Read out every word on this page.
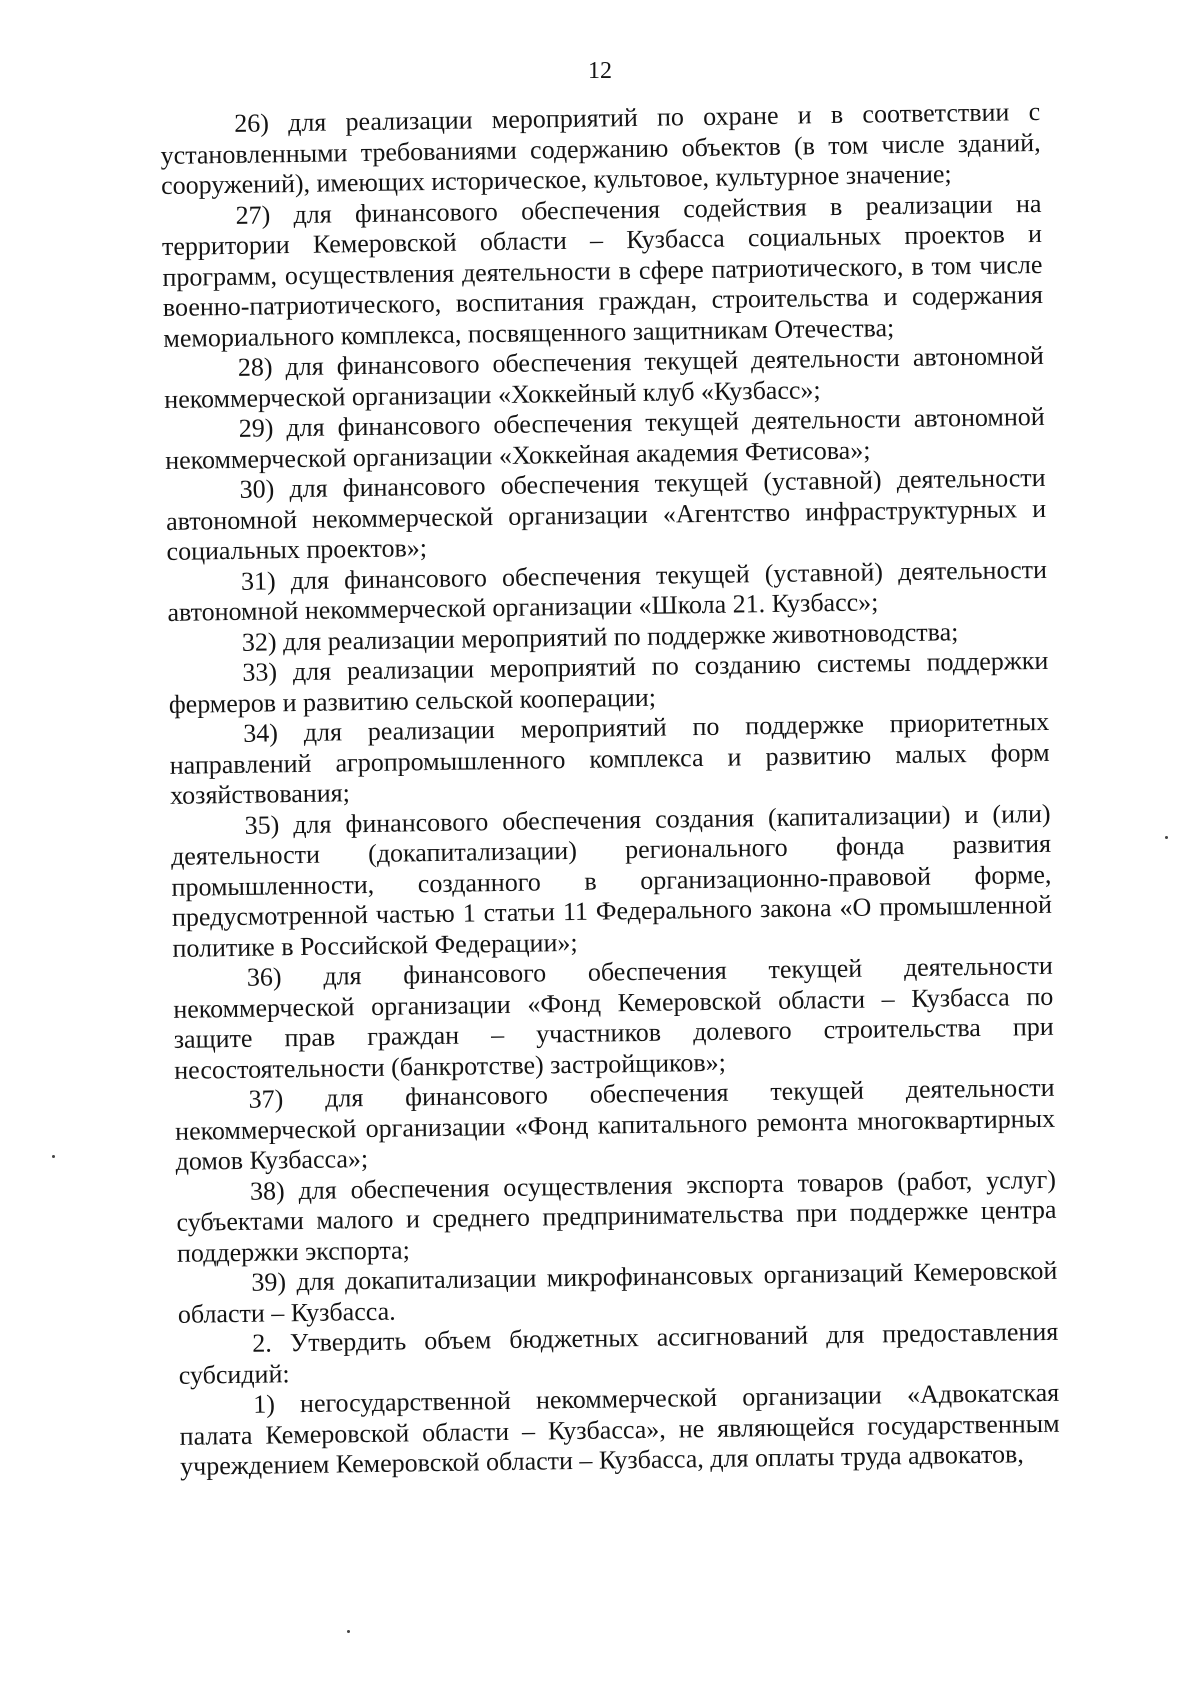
12

26) для реализации мероприятий по охране и в соответствии с установленными требованиями содержанию объектов (в том числе зданий, сооружений), имеющих историческое, культовое, культурное значение;

27) для финансового обеспечения содействия в реализации на территории Кемеровской области – Кузбасса социальных проектов и программ, осуществления деятельности в сфере патриотического, в том числе военно-патриотического, воспитания граждан, строительства и содержания мемориального комплекса, посвященного защитникам Отечества;

28) для финансового обеспечения текущей деятельности автономной некоммерческой организации «Хоккейный клуб «Кузбасс»;

29) для финансового обеспечения текущей деятельности автономной некоммерческой организации «Хоккейная академия Фетисова»;

30) для финансового обеспечения текущей (уставной) деятельности автономной некоммерческой организации «Агентство инфраструктурных и социальных проектов»;

31) для финансового обеспечения текущей (уставной) деятельности автономной некоммерческой организации «Школа 21. Кузбасс»;

32) для реализации мероприятий по поддержке животноводства;

33) для реализации мероприятий по созданию системы поддержки фермеров и развитию сельской кооперации;

34) для реализации мероприятий по поддержке приоритетных направлений агропромышленного комплекса и развитию малых форм хозяйствования;

35) для финансового обеспечения создания (капитализации) и (или) деятельности (докапитализации) регионального фонда развития промышленности, созданного в организационно-правовой форме, предусмотренной частью 1 статьи 11 Федерального закона «О промышленной политике в Российской Федерации»;

36) для финансового обеспечения текущей деятельности некоммерческой организации «Фонд Кемеровской области – Кузбасса по защите прав граждан – участников долевого строительства при несостоятельности (банкротстве) застройщиков»;

37) для финансового обеспечения текущей деятельности некоммерческой организации «Фонд капитального ремонта многоквартирных домов Кузбасса»;

38) для обеспечения осуществления экспорта товаров (работ, услуг) субъектами малого и среднего предпринимательства при поддержке центра поддержки экспорта;

39) для докапитализации микрофинансовых организаций Кемеровской области – Кузбасса.

2. Утвердить объем бюджетных ассигнований для предоставления субсидий:

1) негосударственной некоммерческой организации «Адвокатская палата Кемеровской области – Кузбасса», не являющейся государственным учреждением Кемеровской области – Кузбасса, для оплаты труда адвокатов,
